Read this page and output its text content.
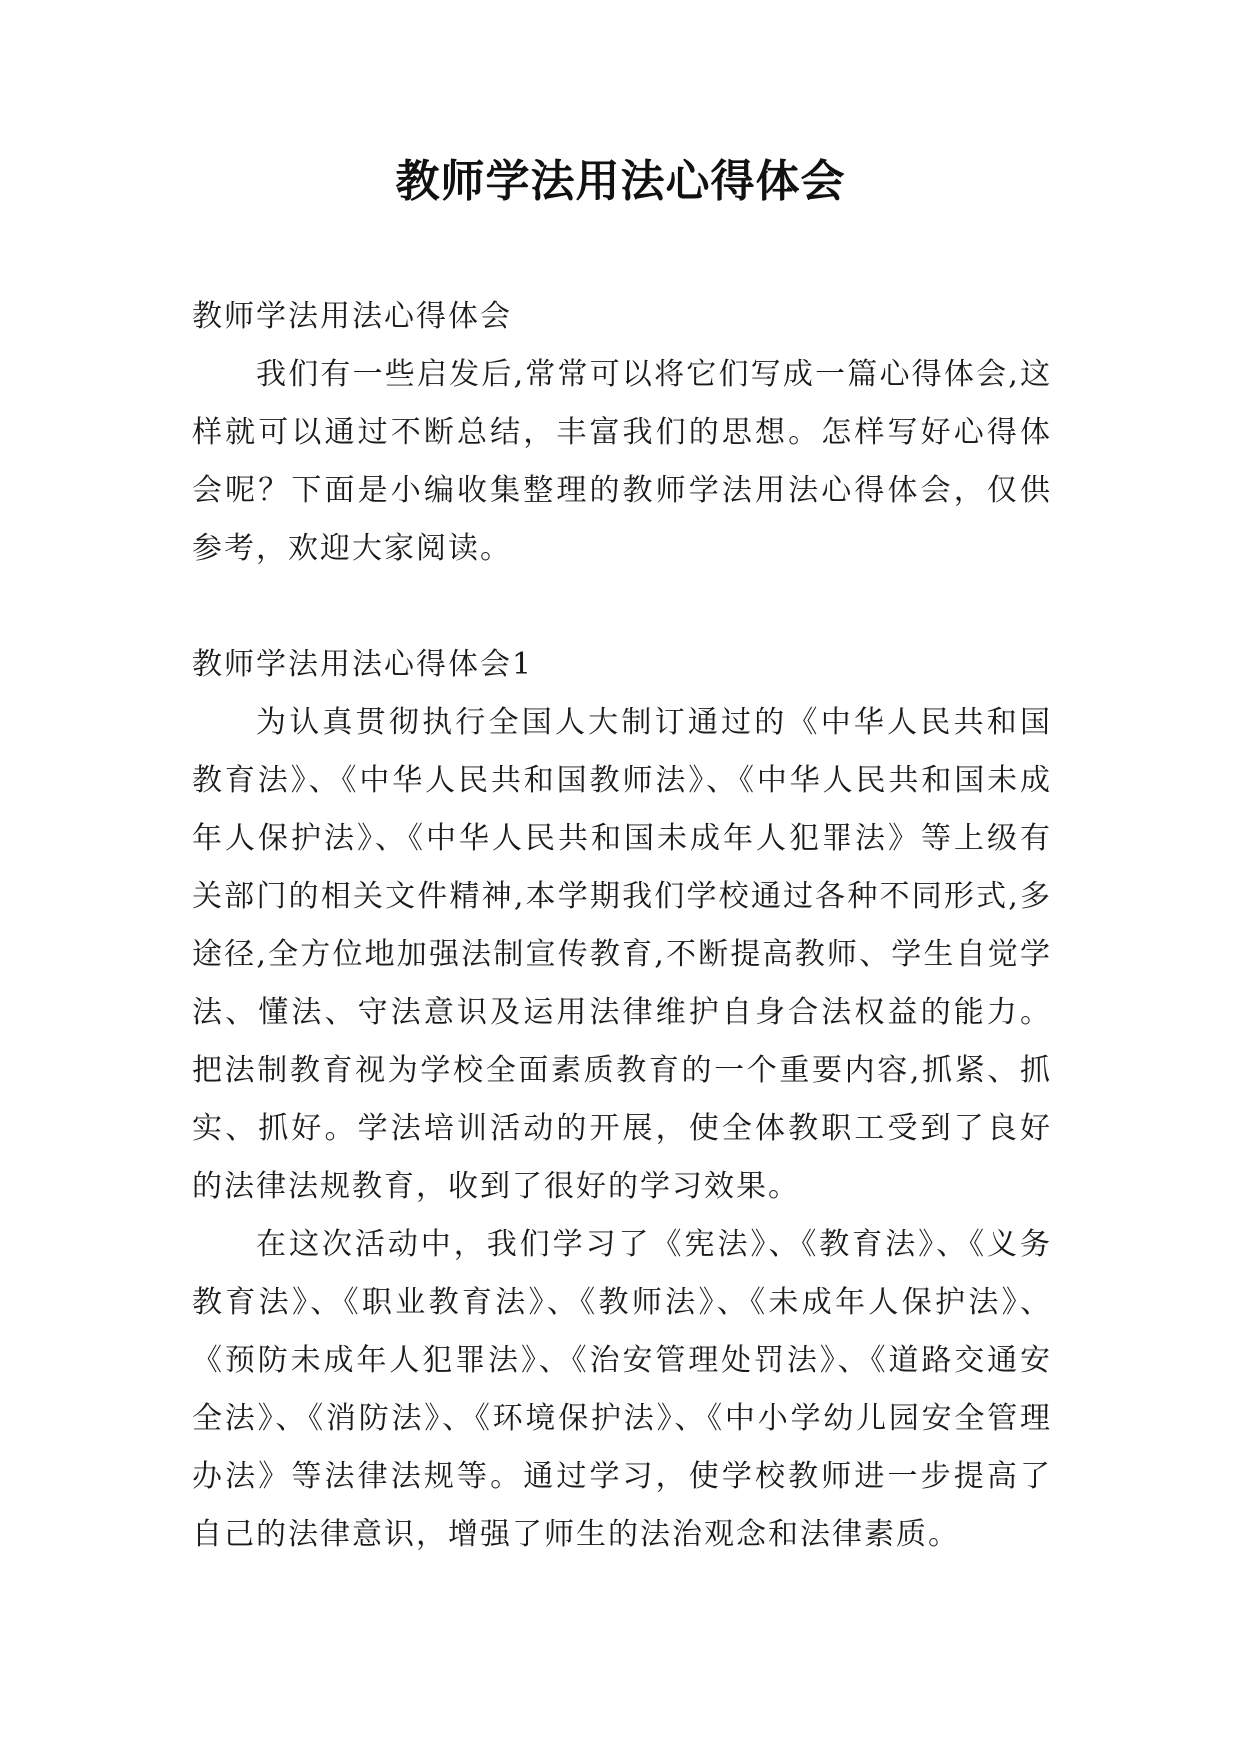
教师学法用法心得体会

教师学法用法心得体会

我们有一些启发后,常常可以将它们写成一篇心得体会,这样就可以通过不断总结，丰富我们的思想。怎样写好心得体会呢？下面是小编收集整理的教师学法用法心得体会，仅供参考，欢迎大家阅读。

教师学法用法心得体会1

为认真贯彻执行全国人大制订通过的《中华人民共和国教育法》、《中华人民共和国教师法》、《中华人民共和国未成年人保护法》、《中华人民共和国未成年人犯罪法》等上级有关部门的相关文件精神,本学期我们学校通过各种不同形式,多途径,全方位地加强法制宣传教育,不断提高教师、学生自觉学法、懂法、守法意识及运用法律维护自身合法权益的能力。把法制教育视为学校全面素质教育的一个重要内容,抓紧、抓实、抓好。学法培训活动的开展，使全体教职工受到了良好的法律法规教育，收到了很好的学习效果。

在这次活动中，我们学习了《宪法》、《教育法》、《义务教育法》、《职业教育法》、《教师法》、《未成年人保护法》、《预防未成年人犯罪法》、《治安管理处罚法》、《道路交通安全法》、《消防法》、《环境保护法》、《中小学幼儿园安全管理办法》等法律法规等。通过学习，使学校教师进一步提高了自己的法律意识，增强了师生的法治观念和法律素质。
